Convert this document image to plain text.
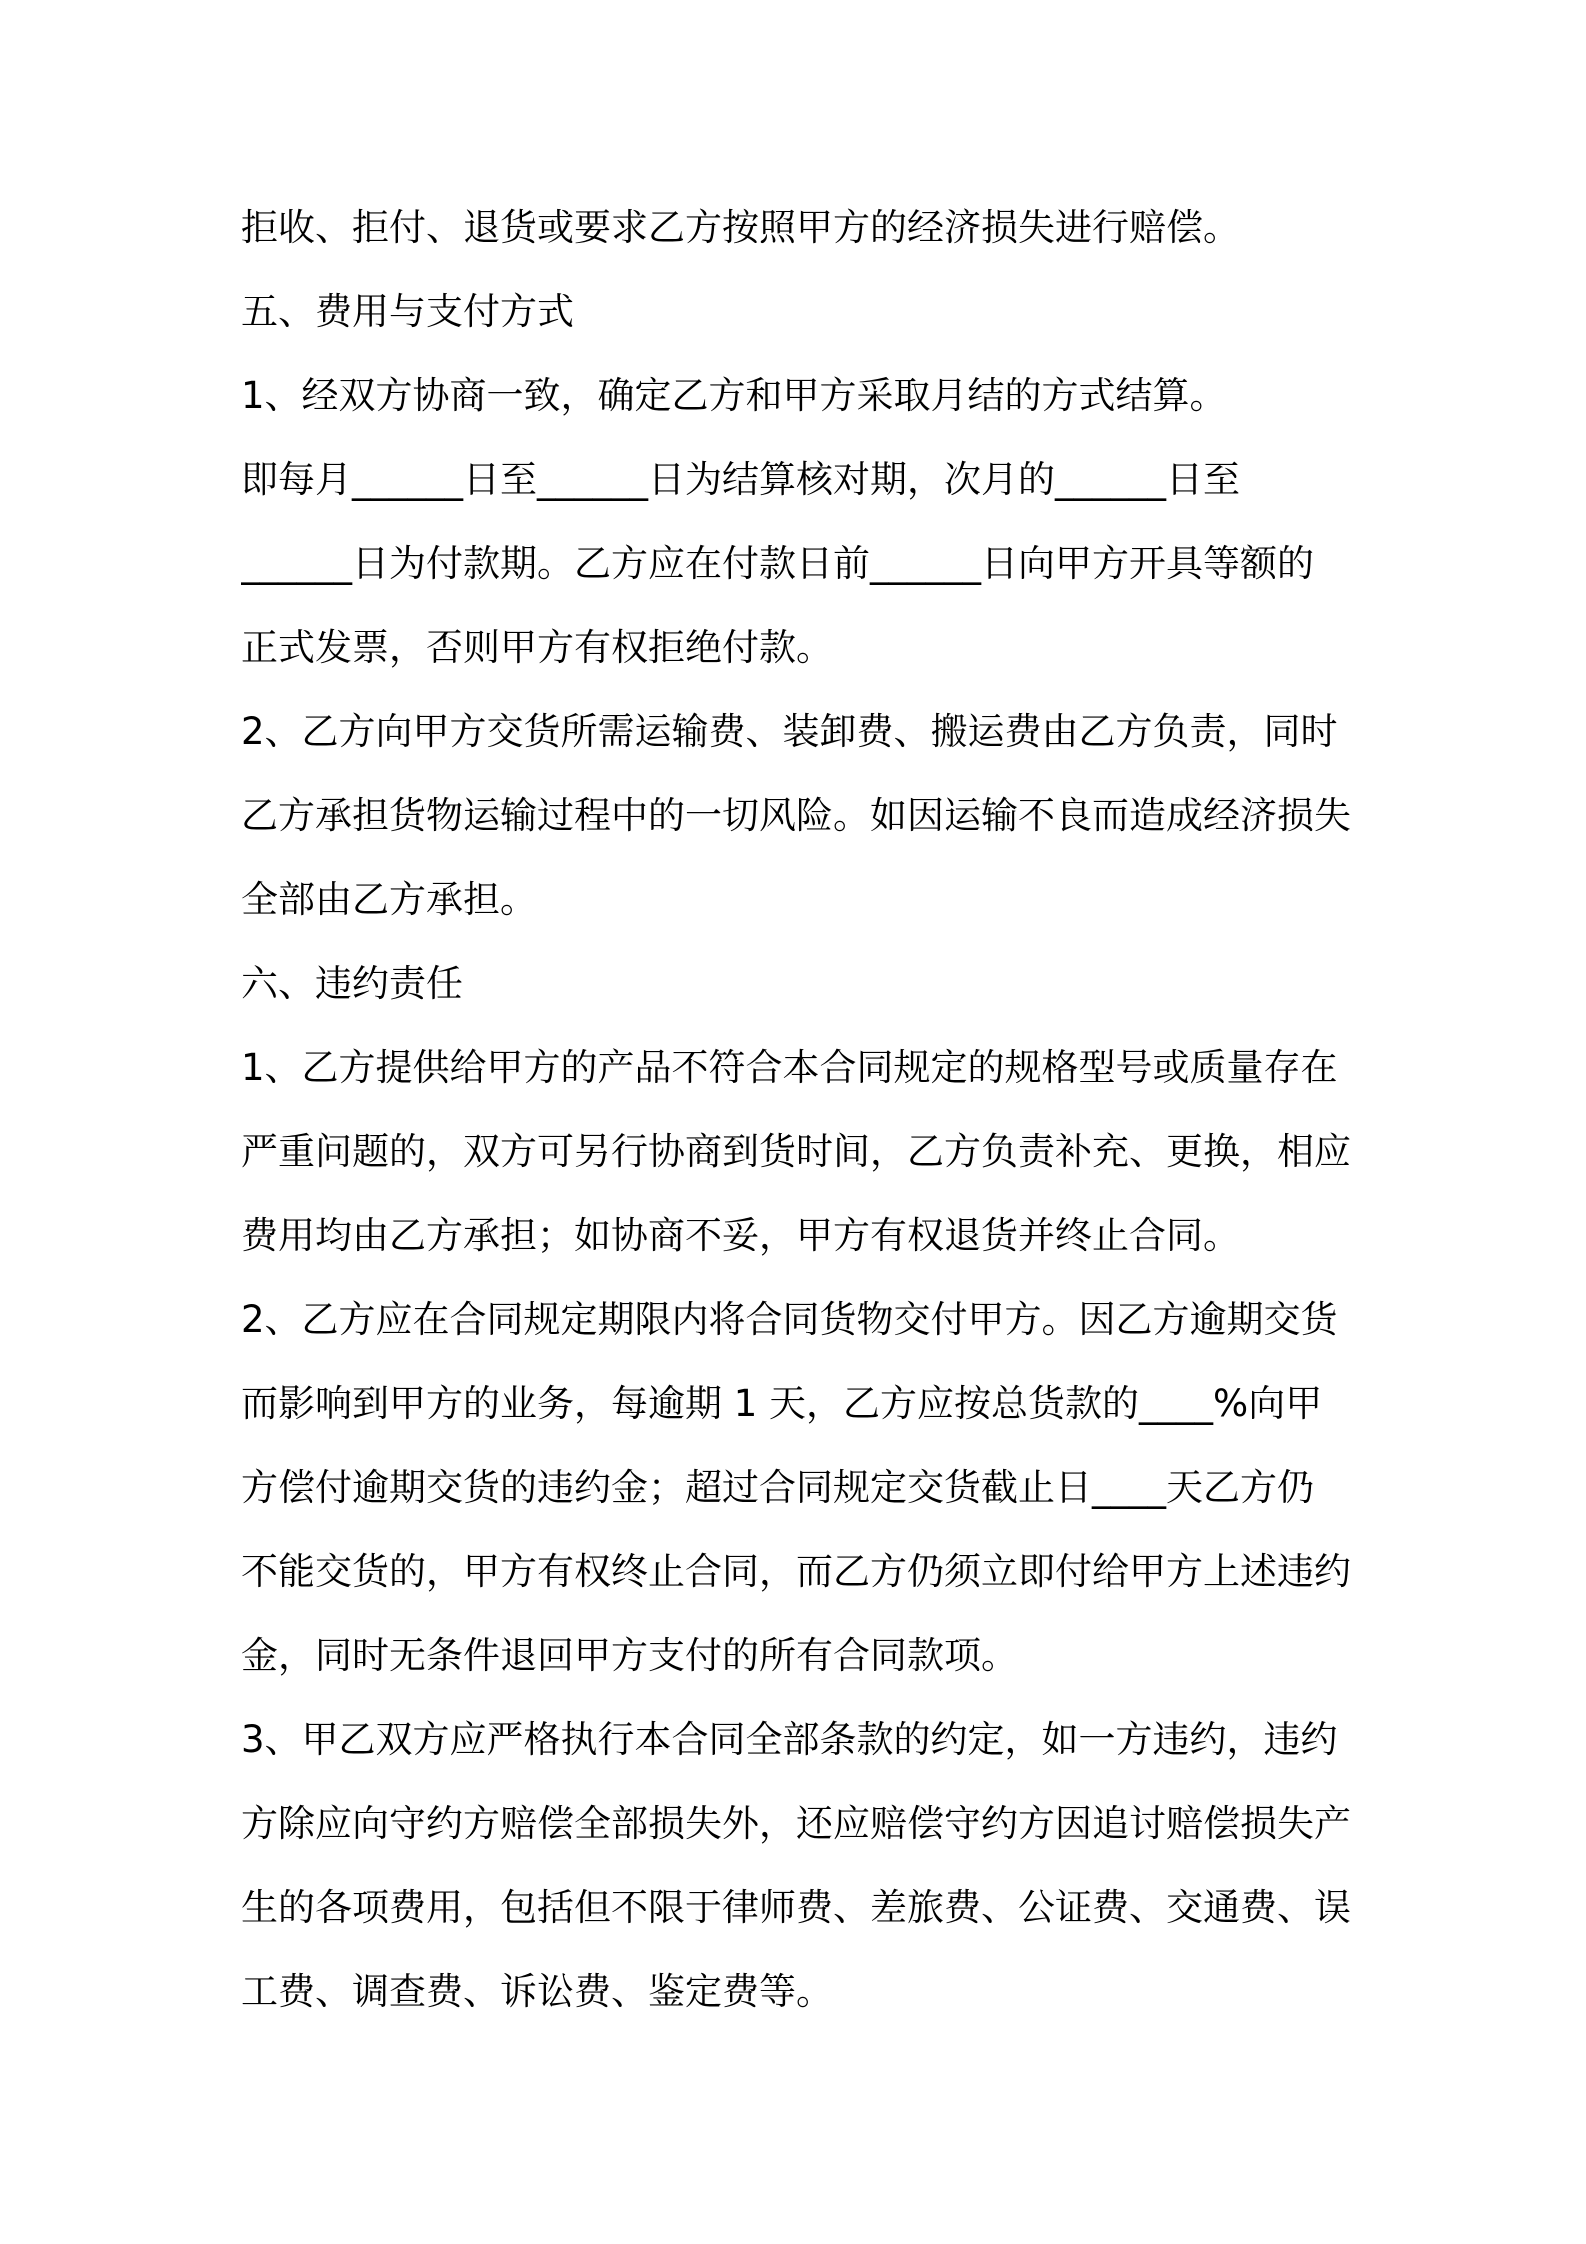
拒收、拒付、退货或要求乙方按照甲方的经济损失进行赔偿。
五、费用与支付方式
1、经双方协商一致，确定乙方和甲方采取月结的方式结算。
即每月______日至______日为结算核对期，次月的______日至
______日为付款期。乙方应在付款日前______日向甲方开具等额的
正式发票，否则甲方有权拒绝付款。
2、乙方向甲方交货所需运输费、装卸费、搬运费由乙方负责，同时
乙方承担货物运输过程中的一切风险。如因运输不良而造成经济损失
全部由乙方承担。
六、违约责任
1、乙方提供给甲方的产品不符合本合同规定的规格型号或质量存在
严重问题的，双方可另行协商到货时间，乙方负责补充、更换，相应
费用均由乙方承担；如协商不妥，甲方有权退货并终止合同。
2、乙方应在合同规定期限内将合同货物交付甲方。因乙方逾期交货
而影响到甲方的业务，每逾期 1 天，乙方应按总货款的____%向甲
方偿付逾期交货的违约金；超过合同规定交货截止日____天乙方仍
不能交货的，甲方有权终止合同，而乙方仍须立即付给甲方上述违约
金，同时无条件退回甲方支付的所有合同款项。
3、甲乙双方应严格执行本合同全部条款的约定，如一方违约，违约
方除应向守约方赔偿全部损失外，还应赔偿守约方因追讨赔偿损失产
生的各项费用，包括但不限于律师费、差旅费、公证费、交通费、误
工费、调查费、诉讼费、鉴定费等。
